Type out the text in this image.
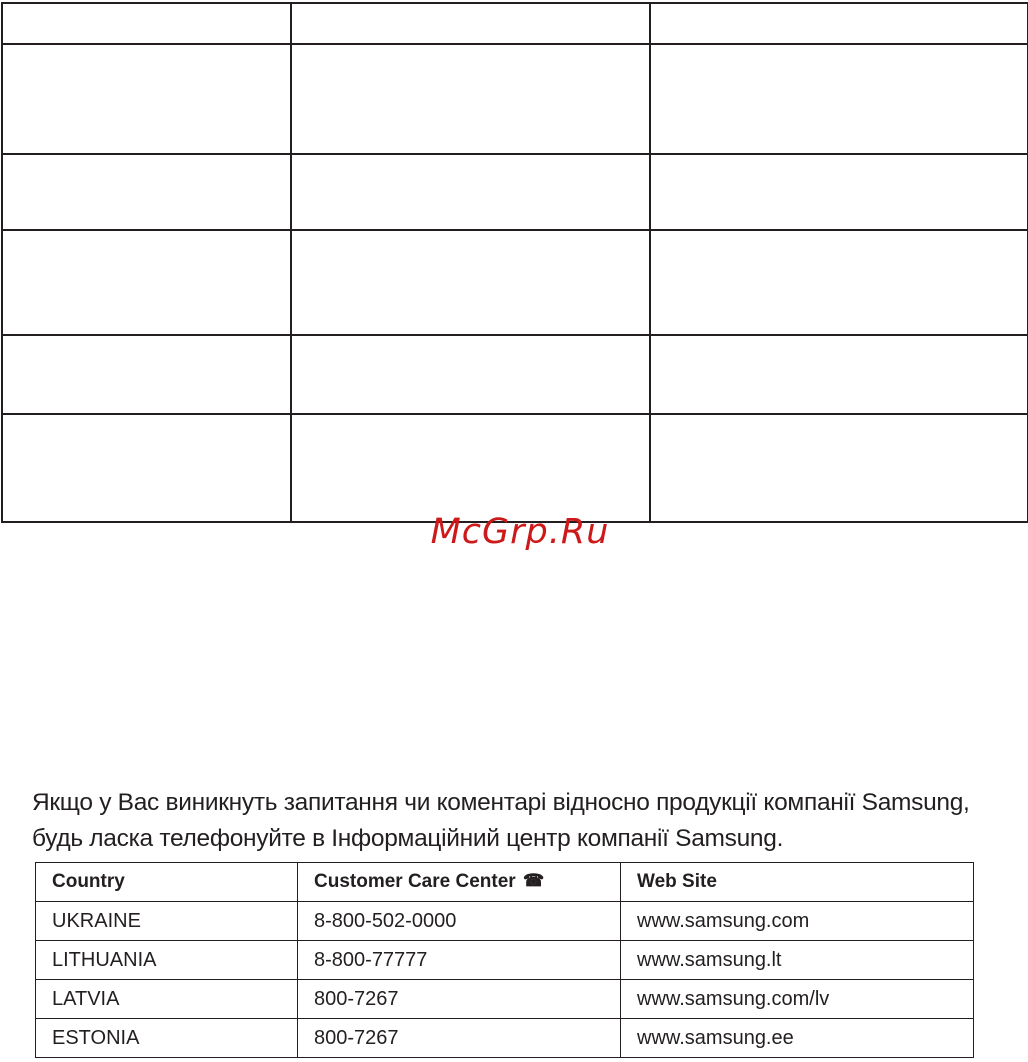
McGrp.Ru
Якщо у Вас виникнуть запитання чи коментарі відносно продукції компанії Samsung,
будь ласка телефонуйте в Інформаційний центр компанії Samsung.
Country	Customer Care Center ☎	Web Site
UKRAINE	8-800-502-0000	www.samsung.com
LITHUANIA	8-800-77777	www.samsung.lt
LATVIA	800-7267	www.samsung.com/lv
ESTONIA	800-7267	www.samsung.ee
